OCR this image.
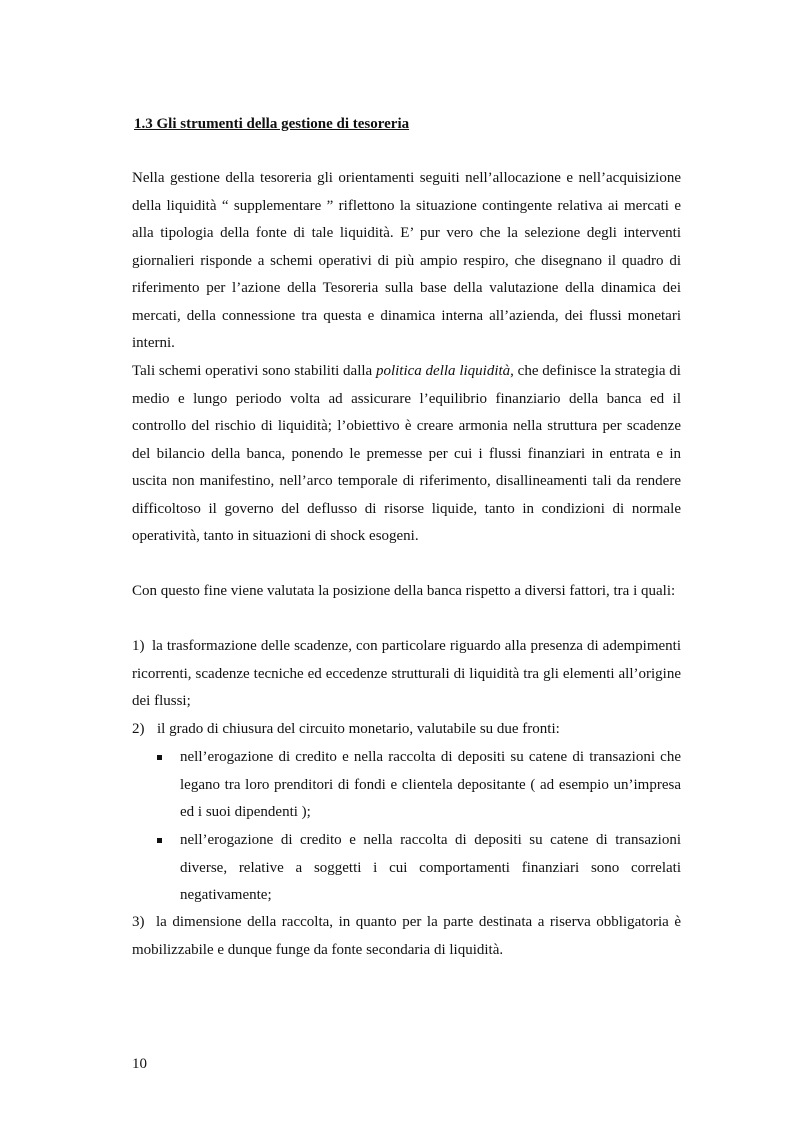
1.3 Gli strumenti della gestione di tesoreria

Nella gestione della tesoreria gli orientamenti seguiti nell’allocazione e nell’acquisizione della liquidità “ supplementare ” riflettono la situazione contingente relativa ai mercati e alla tipologia della fonte di tale liquidità. E’ pur vero che la selezione degli interventi giornalieri risponde a schemi operativi di più ampio respiro, che disegnano il quadro di riferimento per l’azione della Tesoreria sulla base della valutazione della dinamica dei mercati, della connessione tra questa e dinamica interna all’azienda, dei flussi monetari interni.

Tali schemi operativi sono stabiliti dalla politica della liquidità, che definisce la strategia di medio e lungo periodo volta ad assicurare l’equilibrio finanziario della banca ed il controllo del rischio di liquidità; l’obiettivo è creare armonia nella struttura per scadenze del bilancio della banca, ponendo le premesse per cui i flussi finanziari in entrata e in uscita non manifestino, nell’arco temporale di riferimento, disallineamenti tali da rendere difficoltoso il governo del deflusso di risorse liquide, tanto in condizioni di normale operatività, tanto in situazioni di shock esogeni.

Con questo fine viene valutata la posizione della banca rispetto a diversi fattori, tra i quali:

1) la trasformazione delle scadenze, con particolare riguardo alla presenza di adempimenti ricorrenti, scadenze tecniche ed eccedenze strutturali di liquidità tra gli elementi all’origine dei flussi;
2) il grado di chiusura del circuito monetario, valutabile su due fronti:
nell’erogazione di credito e nella raccolta di depositi su catene di transazioni che legano tra loro prenditori di fondi e clientela depositante ( ad esempio un’impresa ed i suoi dipendenti );
nell’erogazione di credito e nella raccolta di depositi su catene di transazioni diverse, relative a soggetti i cui comportamenti finanziari sono correlati negativamente;
3) la dimensione della raccolta, in quanto per la parte destinata a riserva obbligatoria è mobilizzabile e dunque funge da fonte secondaria di liquidità.
10
